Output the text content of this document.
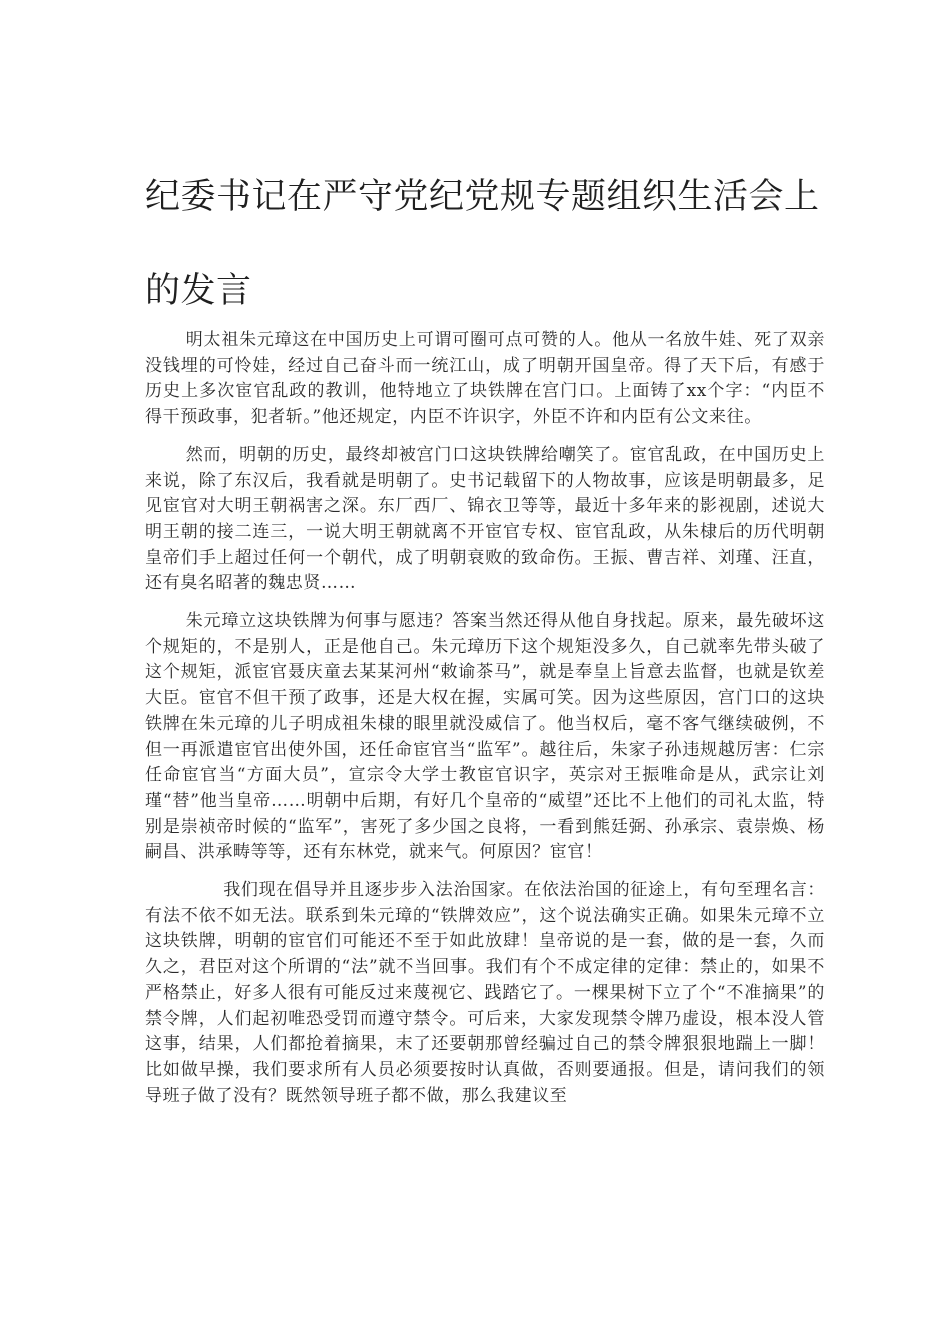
纪委书记在严守党纪党规专题组织生活会上的发言

明太祖朱元璋这在中国历史上可谓可圈可点可赞的人。他从一名放牛娃、死了双亲没钱埋的可怜娃，经过自己奋斗而一统江山，成了明朝开国皇帝。得了天下后，有感于历史上多次宦官乱政的教训，他特地立了块铁牌在宫门口。上面铸了xx个字：“内臣不得干预政事，犯者斩。”他还规定，内臣不许识字，外臣不许和内臣有公文来往。

然而，明朝的历史，最终却被宫门口这块铁牌给嘲笑了。宦官乱政，在中国历史上来说，除了东汉后，我看就是明朝了。史书记载留下的人物故事，应该是明朝最多，足见宦官对大明王朝祸害之深。东厂西厂、锦衣卫等等，最近十多年来的影视剧，述说大明王朝的接二连三，一说大明王朝就离不开宦官专权、宦官乱政，从朱棣后的历代明朝皇帝们手上超过任何一个朝代，成了明朝衰败的致命伤。王振、曹吉祥、刘瑾、汪直，还有臭名昭著的魏忠贤……

朱元璋立这块铁牌为何事与愿违？答案当然还得从他自身找起。原来，最先破坏这个规矩的，不是别人，正是他自己。朱元璋历下这个规矩没多久，自己就率先带头破了这个规矩，派宦官聂庆童去某某河州“敕谕茶马”，就是奉皇上旨意去监督，也就是钦差大臣。宦官不但干预了政事，还是大权在握，实属可笑。因为这些原因，宫门口的这块铁牌在朱元璋的儿子明成祖朱棣的眼里就没威信了。他当权后，毫不客气继续破例，不但一再派遣宦官出使外国，还任命宦官当“监军”。越往后，朱家子孙违规越厉害：仁宗任命宦官当“方面大员”，宣宗令大学士教宦官识字，英宗对王振唯命是从，武宗让刘瑾“替”他当皇帝……明朝中后期，有好几个皇帝的“威望”还比不上他们的司礼太监，特别是崇祯帝时候的“监军”，害死了多少国之良将，一看到熊廷弼、孙承宗、袁崇焕、杨嗣昌、洪承畴等等，还有东林党，就来气。何原因？宦官！

我们现在倡导并且逐步步入法治国家。在依法治国的征途上，有句至理名言：有法不依不如无法。联系到朱元璋的“铁牌效应”，这个说法确实正确。如果朱元璋不立这块铁牌，明朝的宦官们可能还不至于如此放肆！皇帝说的是一套，做的是一套，久而久之，君臣对这个所谓的“法”就不当回事。我们有个不成定律的定律：禁止的，如果不严格禁止，好多人很有可能反过来蔑视它、践踏它了。一棵果树下立了个“不准摘果”的禁令牌，人们起初唯恐受罚而遵守禁令。可后来，大家发现禁令牌乃虚设，根本没人管这事，结果，人们都抢着摘果，末了还要朝那曾经骗过自己的禁令牌狠狠地踹上一脚！比如做早操，我们要求所有人员必须要按时认真做，否则要通报。但是，请问我们的领导班子做了没有？既然领导班子都不做，那么我建议至
